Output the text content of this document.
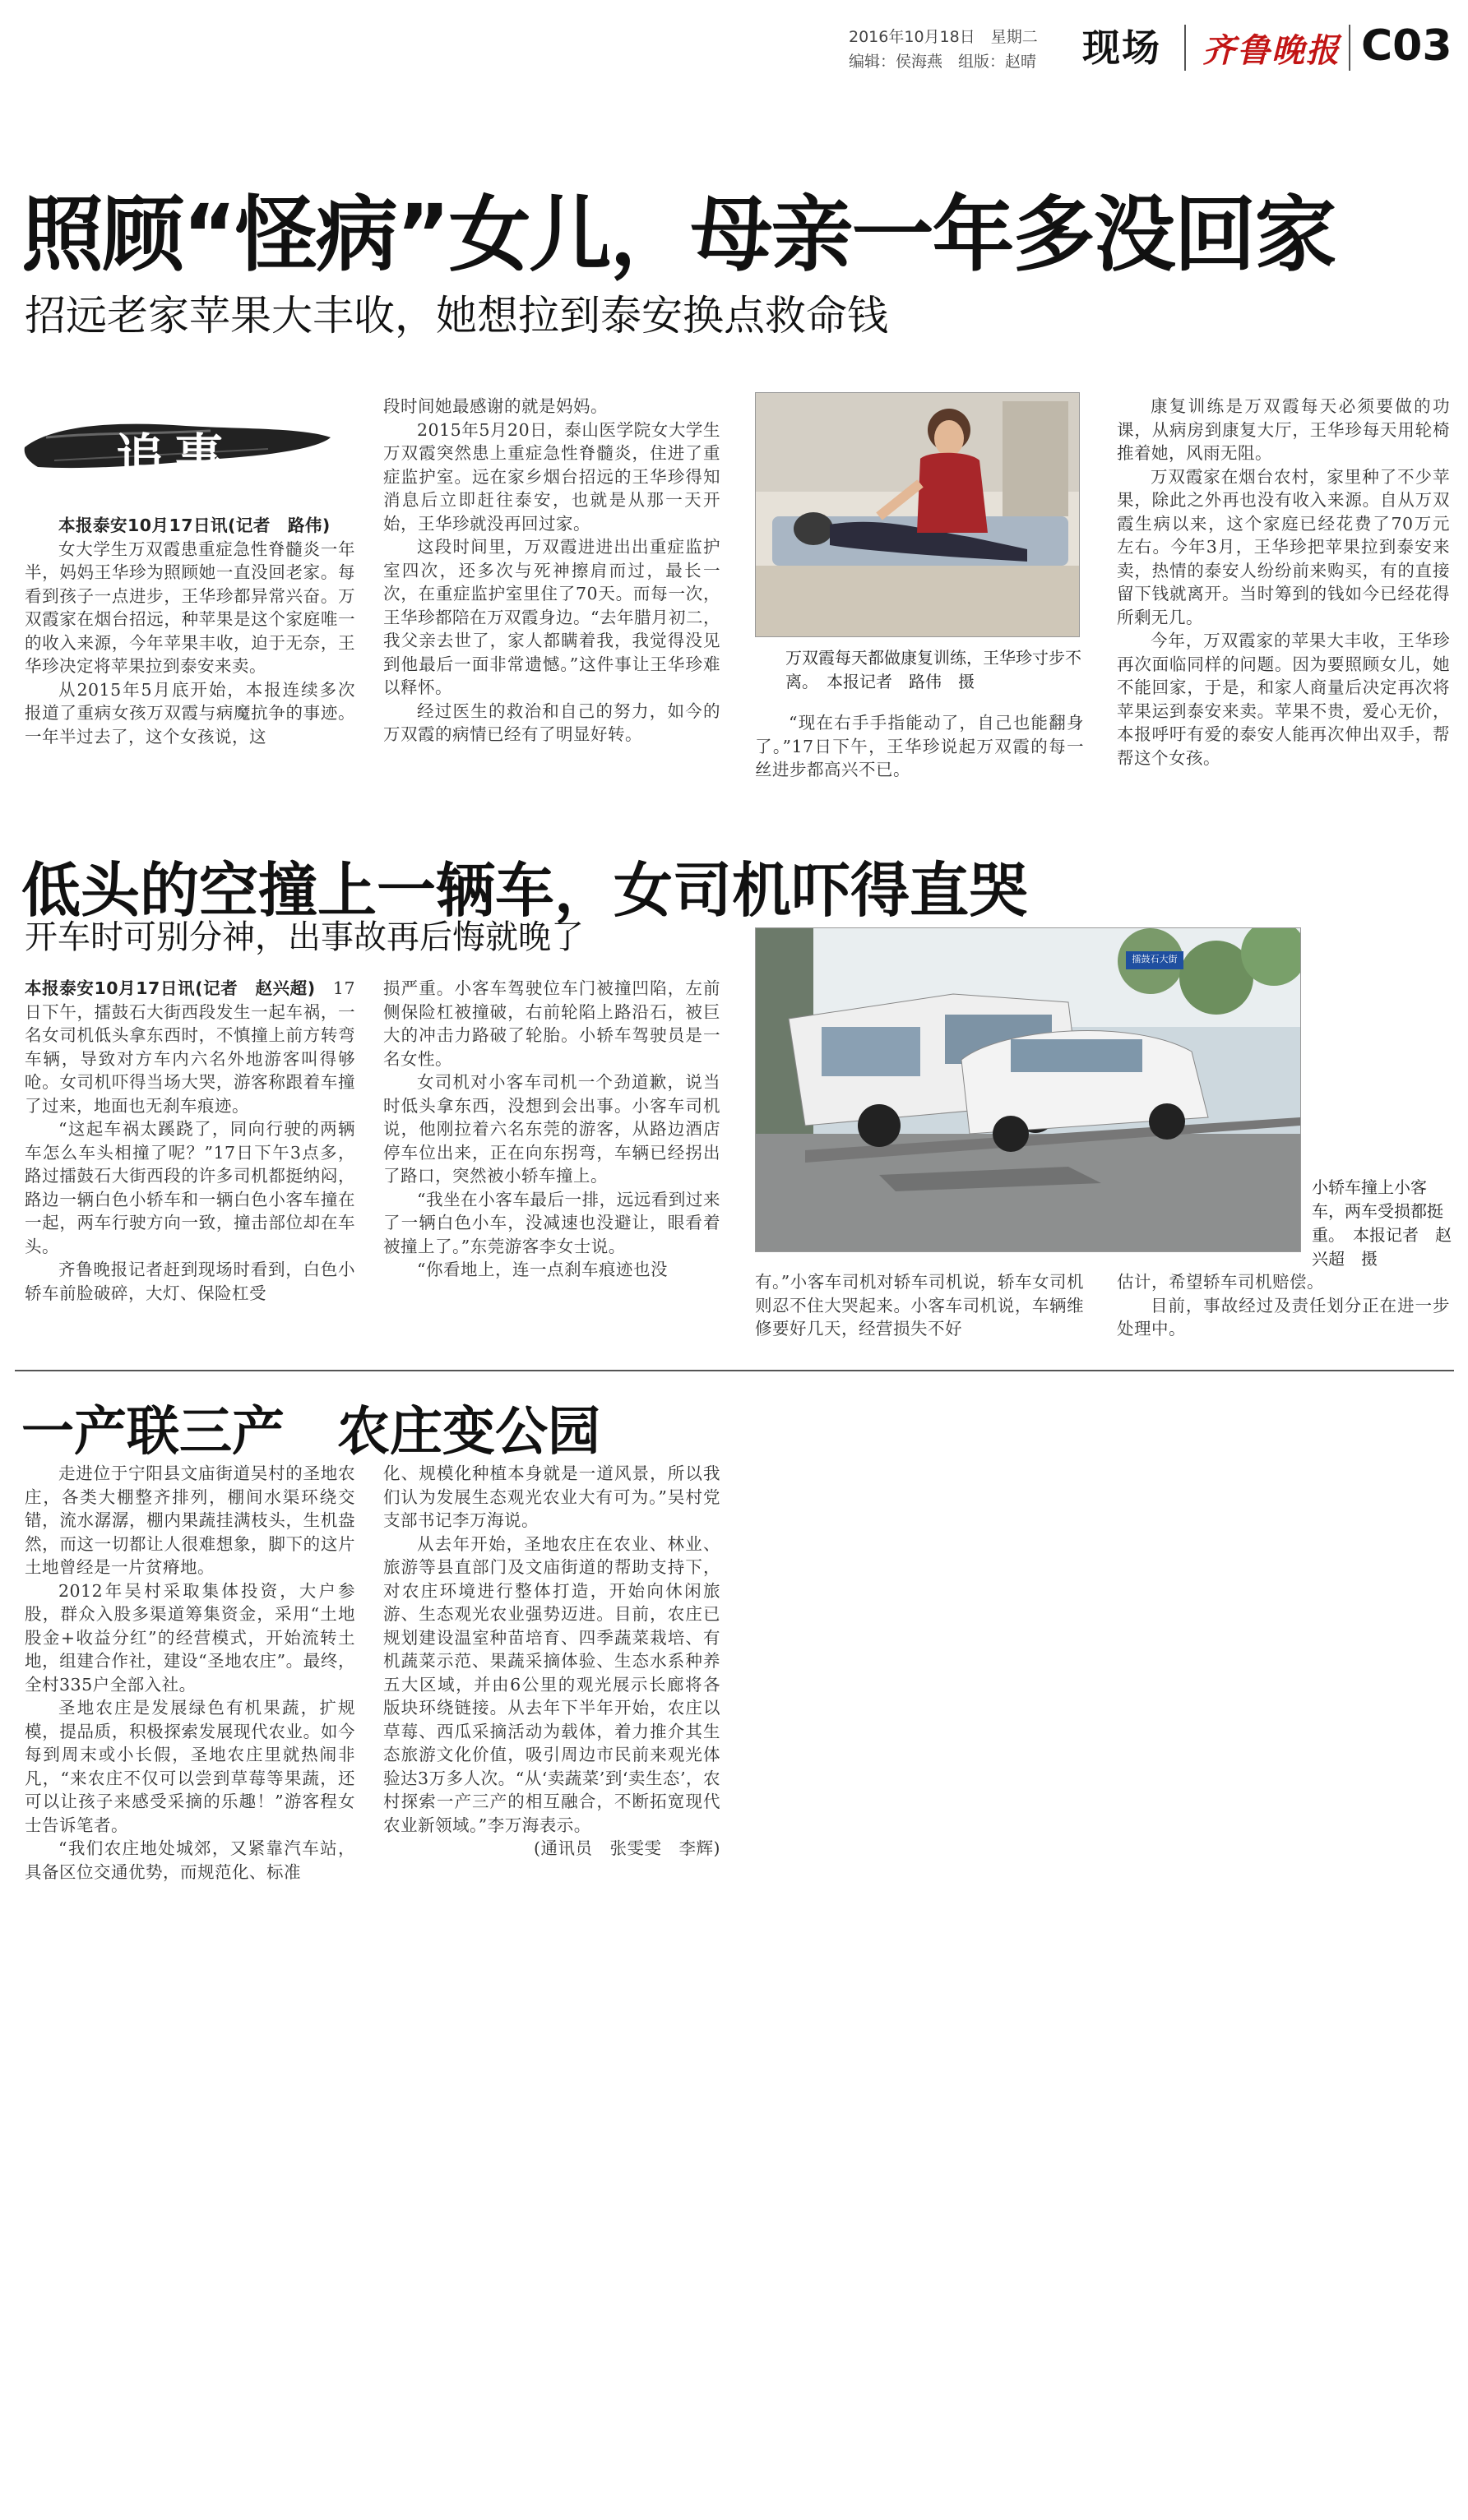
2016年10月18日　星期二
编辑：侯海燕　组版：赵晴 现场 齐鲁晚报 C03
照顾“怪病”女儿，母亲一年多没回家
招远老家苹果大丰收，她想拉到泰安换点救命钱
追事

本报泰安10月17日讯(记者　路伟)

女大学生万双霞患重症急性脊髓炎一年半，妈妈王华珍为照顾她一直没回老家。每看到孩子一点进步，王华珍都异常兴奋。万双霞家在烟台招远，种苹果是这个家庭唯一的收入来源，今年苹果丰收，迫于无奈，王华珍决定将苹果拉到泰安来卖。

从2015年5月底开始，本报连续多次报道了重病女孩万双霞与病魔抗争的事迹。一年半过去了，这个女孩说，这

段时间她最感谢的就是妈妈。

2015年5月20日，泰山医学院女大学生万双霞突然患上重症急性脊髓炎，住进了重症监护室。远在家乡烟台招远的王华珍得知消息后立即赶往泰安，也就是从那一天开始，王华珍就没再回过家。

这段时间里，万双霞进进出出重症监护室四次，还多次与死神擦肩而过，最长一次，在重症监护室里住了70天。而每一次，王华珍都陪在万双霞身边。“去年腊月初二，我父亲去世了，家人都瞒着我，我觉得没见到他最后一面非常遗憾。”这件事让王华珍难以释怀。

经过医生的救治和自己的努力，如今的万双霞的病情已经有了明显好转。

万双霞每天都做康复训练，王华珍寸步不离。　本报记者　路伟　摄

“现在右手手指能动了，自己也能翻身了。”17日下午，王华珍说起万双霞的每一丝进步都高兴不已。

康复训练是万双霞每天必须要做的功课，从病房到康复大厅，王华珍每天用轮椅推着她，风雨无阻。

万双霞家在烟台农村，家里种了不少苹果，除此之外再也没有收入来源。自从万双霞生病以来，这个家庭已经花费了70万元左右。今年3月，王华珍把苹果拉到泰安来卖，热情的泰安人纷纷前来购买，有的直接留下钱就离开。当时筹到的钱如今已经花得所剩无几。

今年，万双霞家的苹果大丰收，王华珍再次面临同样的问题。因为要照顾女儿，她不能回家，于是，和家人商量后决定再次将苹果运到泰安来卖。苹果不贵，爱心无价，本报呼吁有爱的泰安人能再次伸出双手，帮帮这个女孩。

低头的空撞上一辆车，女司机吓得直哭
开车时可别分神，出事故再后悔就晚了

本报泰安10月17日讯(记者　赵兴超)　 17日下午，擂鼓石大街西段发生一起车祸，一名女司机低头拿东西时，不慎撞上前方转弯车辆，导致对方车内六名外地游客叫得够呛。女司机吓得当场大哭，游客称跟着车撞了过来，地面也无刹车痕迹。

“这起车祸太蹊跷了，同向行驶的两辆车怎么车头相撞了呢？”17日下午3点多，路过擂鼓石大街西段的许多司机都挺纳闷，路边一辆白色小轿车和一辆白色小客车撞在一起，两车行驶方向一致，撞击部位却在车头。

齐鲁晚报记者赶到现场时看到，白色小轿车前脸破碎，大灯、保险杠受

损严重。小客车驾驶位车门被撞凹陷，左前侧保险杠被撞破，右前轮陷上路沿石，被巨大的冲击力路破了轮胎。小轿车驾驶员是一名女性。

女司机对小客车司机一个劲道歉，说当时低头拿东西，没想到会出事。小客车司机说，他刚拉着六名东莞的游客，从路边酒店停车位出来，正在向东拐弯，车辆已经拐出了路口，突然被小轿车撞上。

“我坐在小客车最后一排，远远看到过来了一辆白色小车，没减速也没避让，眼看着被撞上了。”东莞游客李女士说。

“你看地上，连一点刹车痕迹也没

擂鼓石大街
小轿车撞上小客车，两车受损都挺重。　本报记者　赵兴超　摄

有。”小客车司机对轿车司机说，轿车女司机则忍不住大哭起来。小客车司机说，车辆维修要好几天，经营损失不好

估计，希望轿车司机赔偿。

目前，事故经过及责任划分正在进一步处理中。

一产联三产　农庄变公园

走进位于宁阳县文庙街道吴村的圣地农庄，各类大棚整齐排列，棚间水渠环绕交错，流水潺潺，棚内果蔬挂满枝头，生机盎然，而这一切都让人很难想象，脚下的这片土地曾经是一片贫瘠地。

2012年吴村采取集体投资，大户参股，群众入股多渠道筹集资金，采用“土地股金+收益分红”的经营模式，开始流转土地，组建合作社，建设“圣地农庄”。最终，全村335户全部入社。

圣地农庄是发展绿色有机果蔬，扩规模，提品质，积极探索发展现代农业。如今每到周末或小长假，圣地农庄里就热闹非凡，“来农庄不仅可以尝到草莓等果蔬，还可以让孩子来感受采摘的乐趣！”游客程女士告诉笔者。

“我们农庄地处城郊，又紧靠汽车站，具备区位交通优势，而规范化、标准

化、规模化种植本身就是一道风景，所以我们认为发展生态观光农业大有可为。”吴村党支部书记李万海说。

从去年开始，圣地农庄在农业、林业、旅游等县直部门及文庙街道的帮助支持下，对农庄环境进行整体打造，开始向休闲旅游、生态观光农业强势迈进。目前，农庄已规划建设温室种苗培育、四季蔬菜栽培、有机蔬菜示范、果蔬采摘体验、生态水系种养五大区域，并由6公里的观光展示长廊将各版块环绕链接。从去年下半年开始，农庄以草莓、西瓜采摘活动为载体，着力推介其生态旅游文化价值，吸引周边市民前来观光体验达3万多人次。“从‘卖蔬菜’到‘卖生态’，农村探索一产三产的相互融合，不断拓宽现代农业新领域。”李万海表示。

(通讯员　张雯雯　李辉)
